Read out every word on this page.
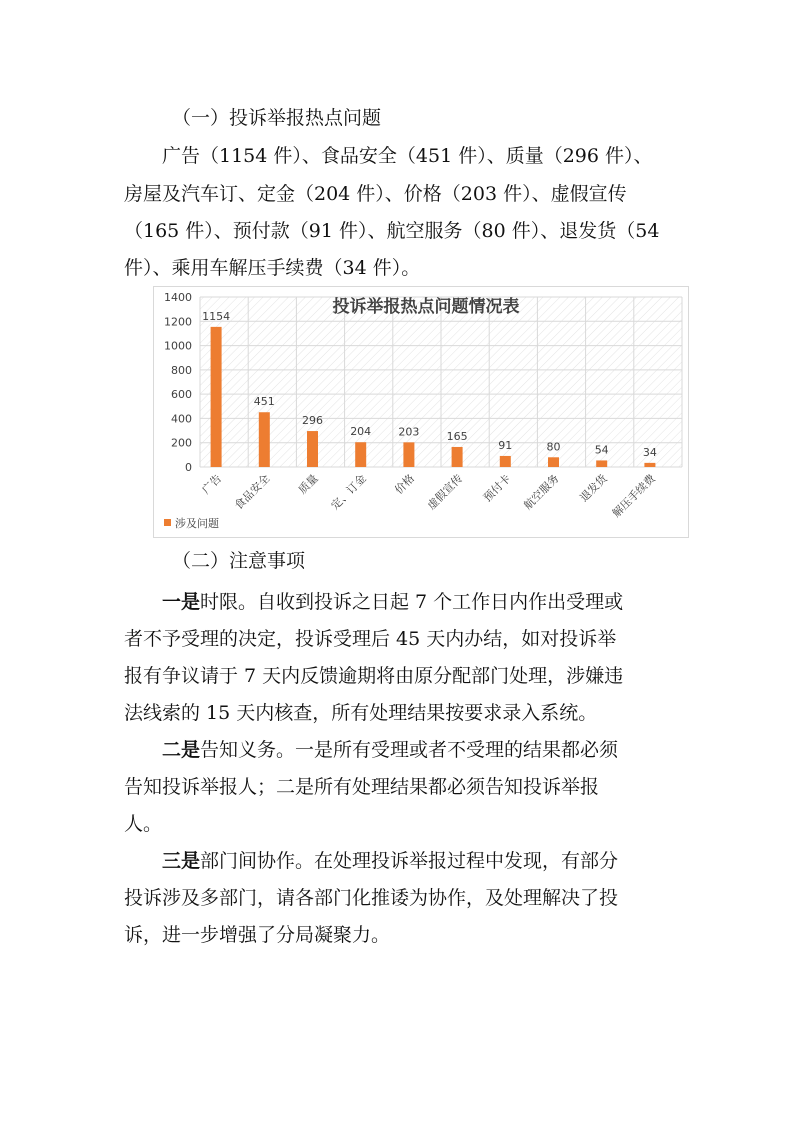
（一）投诉举报热点问题
广告（1154 件）、食品安全（451 件）、质量（296 件）、
房屋及汽车订、定金（204 件）、价格（203 件）、虚假宣传
（165 件）、预付款（91 件）、航空服务（80 件）、退发货（54
件）、乘用车解压手续费（34 件）。
0
200
400
600
800
1000
1200
1400	投诉举报热点问题情况表
1154
广告
451
食品安全
296
质量
204
定、订金
203
价格
165
虚假宣传
91
预付卡
80
航空服务
54
退发货
34
解压手续费
涉及问题
（二）注意事项
一是时限。自收到投诉之日起 7 个工作日内作出受理或
者不予受理的决定，投诉受理后 45 天内办结，如对投诉举
报有争议请于 7 天内反馈逾期将由原分配部门处理，涉嫌违
法线索的 15 天内核查，所有处理结果按要求录入系统。
二是告知义务。一是所有受理或者不受理的结果都必须
告知投诉举报人；二是所有处理结果都必须告知投诉举报
人。
三是部门间协作。在处理投诉举报过程中发现，有部分
投诉涉及多部门，请各部门化推诿为协作，及处理解决了投
诉，进一步增强了分局凝聚力。
